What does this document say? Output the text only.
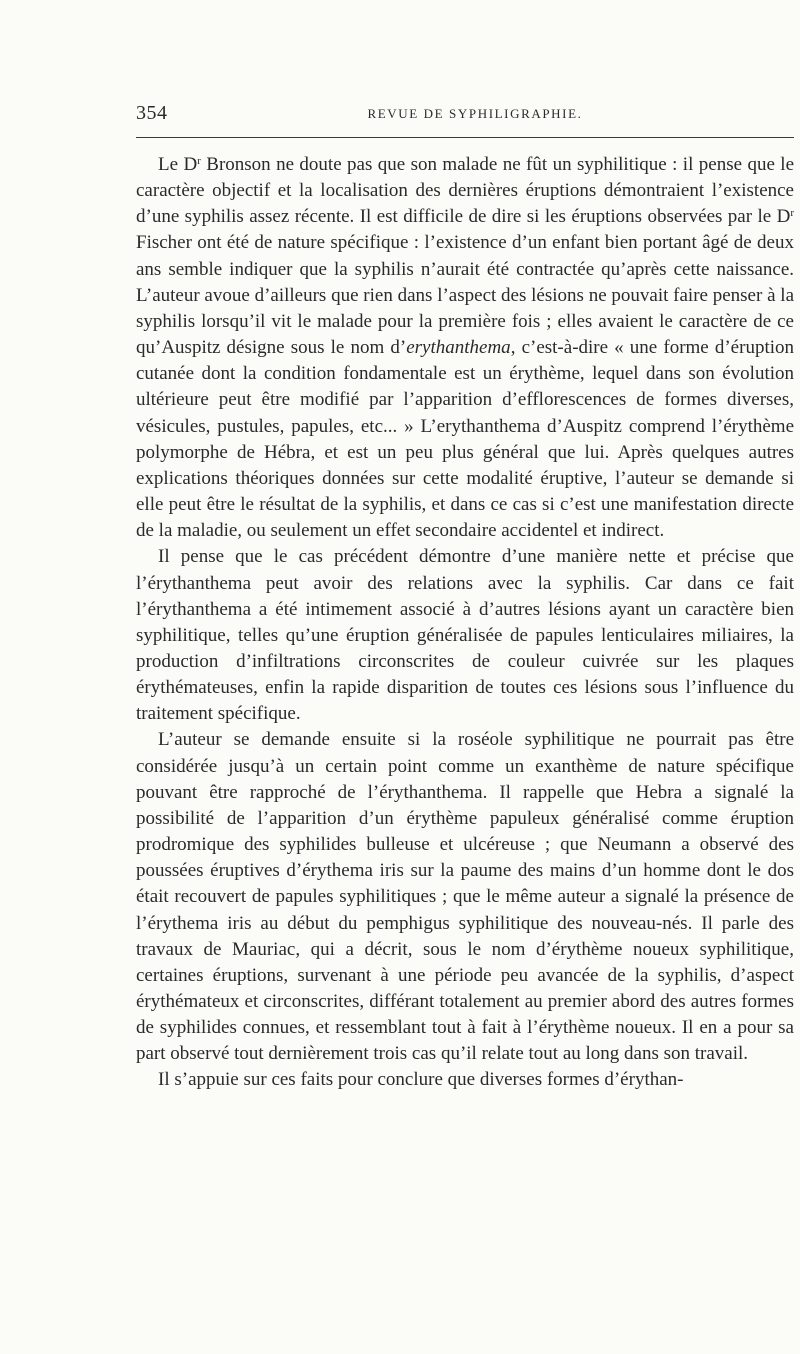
354	REVUE DE SYPHILIGRAPHIE.

Le $D^r$ Bronson ne doute pas que son malade ne fût un syphilitique : il pense que le caractère objectif et la localisation des dernières éruptions démontraient l’existence d’une syphilis assez récente. Il est difficile de dire si les éruptions observées par le $D^r$ Fischer ont été de nature spécifique : l’existence d’un enfant bien portant âgé de deux ans semble indiquer que la syphilis n’aurait été contractée qu’après cette naissance. L’auteur avoue d’ailleurs que rien dans l’aspect des lésions ne pouvait faire penser à la syphilis lorsqu’il vit le malade pour la première fois ; elles avaient le caractère de ce qu’Auspitz désigne sous le nom d’erythanthema, c’est-à-dire « une forme d’éruption cutanée dont la condition fondamentale est un érythème, lequel dans son évolution ultérieure peut être modifié par l’apparition d’efflorescences de formes diverses, vésicules, pustules, papules, etc... » L’erythanthema d’Auspitz comprend l’érythème polymorphe de Hébra, et est un peu plus général que lui. Après quelques autres explications théoriques données sur cette modalité éruptive, l’auteur se demande si elle peut être le résultat de la syphilis, et dans ce cas si c’est une manifestation directe de la maladie, ou seulement un effet secondaire accidentel et indirect.

Il pense que le cas précédent démontre d’une manière nette et précise que l’érythanthema peut avoir des relations avec la syphilis. Car dans ce fait l’érythanthema a été intimement associé à d’autres lésions ayant un caractère bien syphilitique, telles qu’une éruption généralisée de papules lenticulaires miliaires, la production d’infiltrations circonscrites de couleur cuivrée sur les plaques érythémateuses, enfin la rapide disparition de toutes ces lésions sous l’influence du traitement spécifique.

L’auteur se demande ensuite si la roséole syphilitique ne pourrait pas être considérée jusqu’à un certain point comme un exanthème de nature spécifique pouvant être rapproché de l’érythanthema. Il rappelle que Hebra a signalé la possibilité de l’apparition d’un érythème papuleux généralisé comme éruption prodromique des syphilides bulleuse et ulcéreuse ; que Neumann a observé des poussées éruptives d’érythema iris sur la paume des mains d’un homme dont le dos était recouvert de papules syphilitiques ; que le même auteur a signalé la présence de l’érythema iris au début du pemphigus syphilitique des nouveau-nés. Il parle des travaux de Mauriac, qui a décrit, sous le nom d’érythème noueux syphilitique, certaines éruptions, survenant à une période peu avancée de la syphilis, d’aspect érythémateux et circonscrites, différant totalement au premier abord des autres formes de syphilides connues, et ressemblant tout à fait à l’érythème noueux. Il en a pour sa part observé tout dernièrement trois cas qu’il relate tout au long dans son travail.

Il s’appuie sur ces faits pour conclure que diverses formes d’érythan-
